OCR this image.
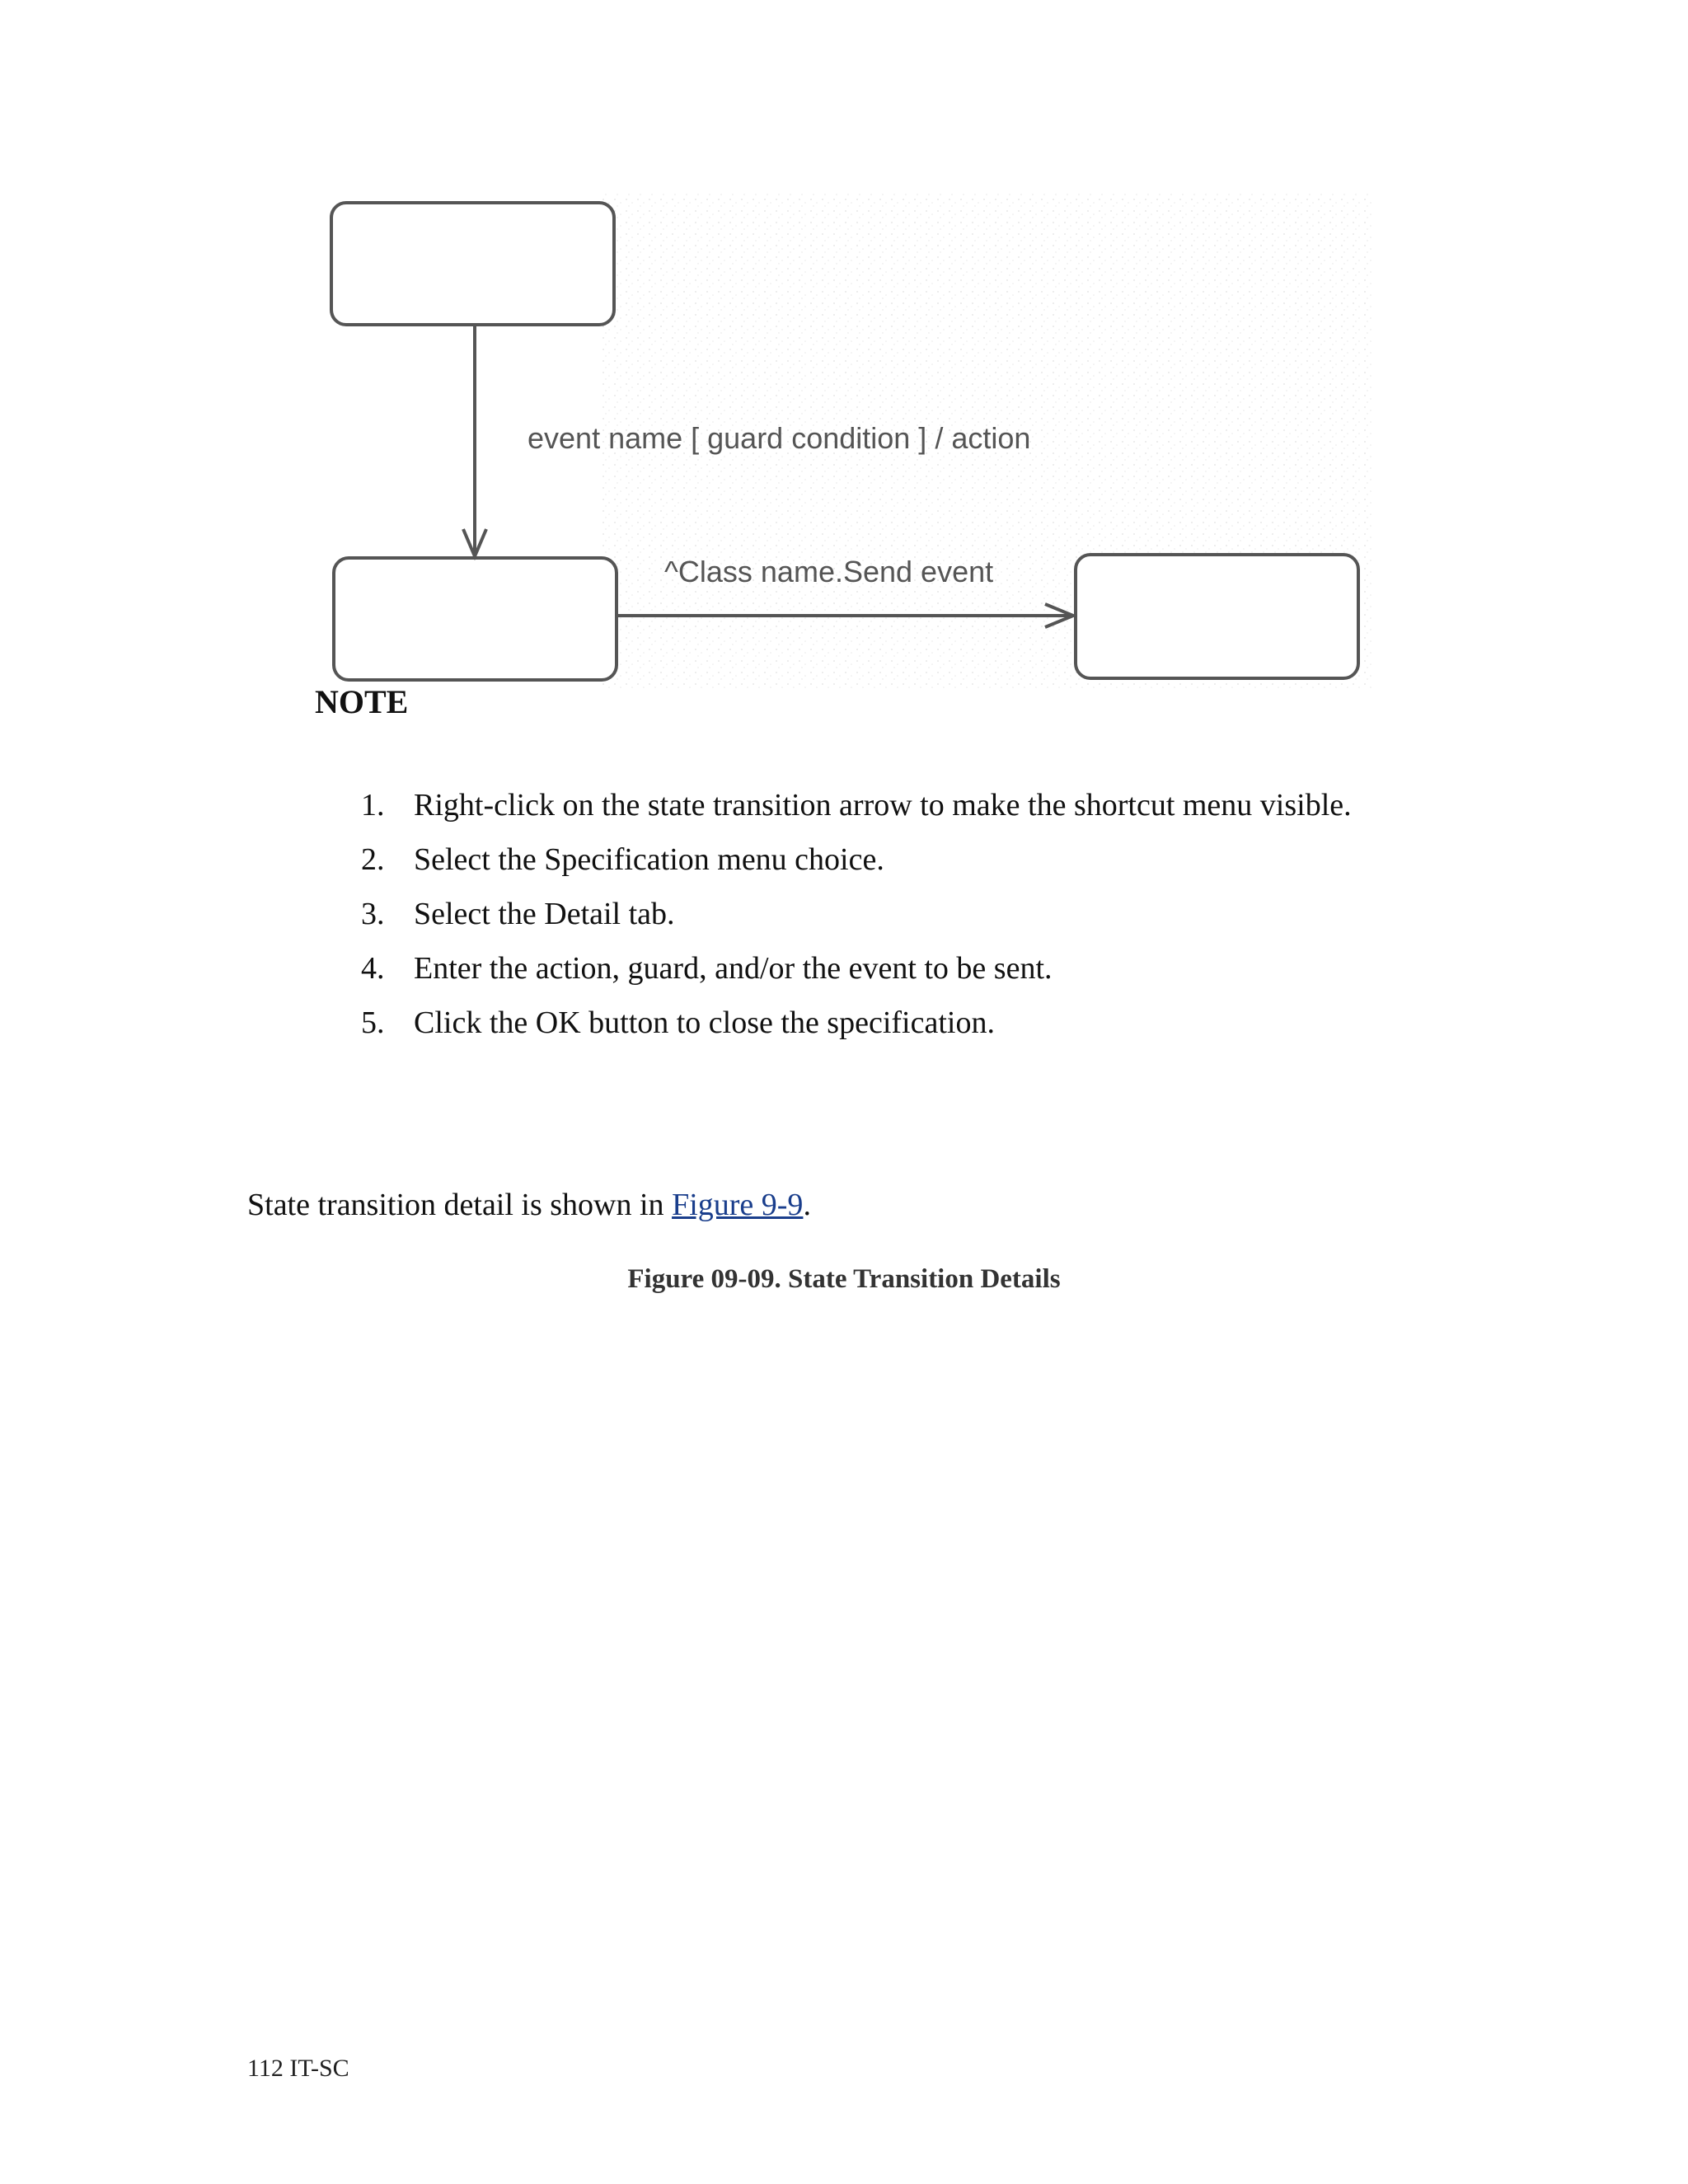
event name [ guard condition ] / action
^Class name.Send event

NOTE

1. Right-click on the state transition arrow to make the shortcut menu visible.
2. Select the Specification menu choice.
3. Select the Detail tab.
4. Enter the action, guard, and/or the event to be sent.
5. Click the OK button to close the specification.

State transition detail is shown in Figure 9-9.

Figure 09-09. State Transition Details

112 IT-SC
